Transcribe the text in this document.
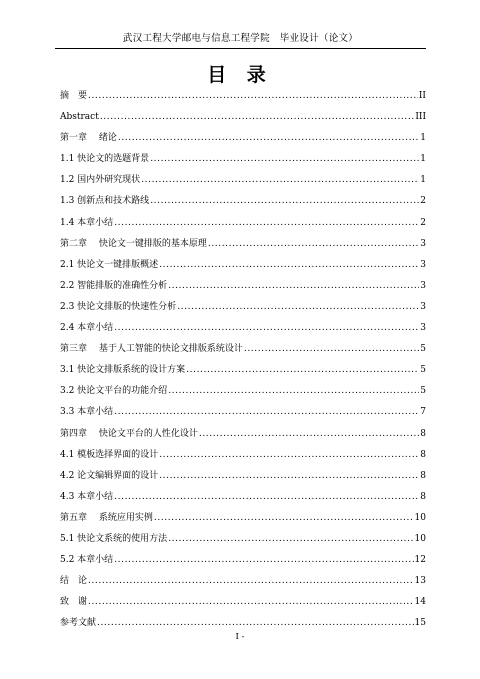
武汉工程大学邮电与信息工程学院　毕业设计（论文）
目 录
摘　要 .....	II
Abstract .....	III
第一章　 绪论 .....	1
1.1 快论文的选题背景 .....	1
1.2 国内外研究现状 .....	1
1.3 创新点和技术路线 .....	2
1.4 本章小结 .....	2
第二章　 快论文一键排版的基本原理 .....	3
2.1 快论文一键排版概述 .....	3
2.2 智能排版的准确性分析 .....	3
2.3 快论文排版的快速性分析 .....	3
2.4 本章小结 .....	3
第三章　 基于人工智能的快论文排版系统设计 .....	5
3.1 快论文排版系统的设计方案 .....	5
3.2 快论文平台的功能介绍 .....	5
3.3 本章小结 .....	7
第四章　 快论文平台的人性化设计 .....	8
4.1 模板选择界面的设计 .....	8
4.2 论文编辑界面的设计 .....	8
4.3 本章小结 .....	8
第五章　 系统应用实例 .....	10
5.1 快论文系统的使用方法 .....	10
5.2 本章小结 .....	12
结　论 .....	13
致　谢 .....	14
参考文献 .....	15
I -
